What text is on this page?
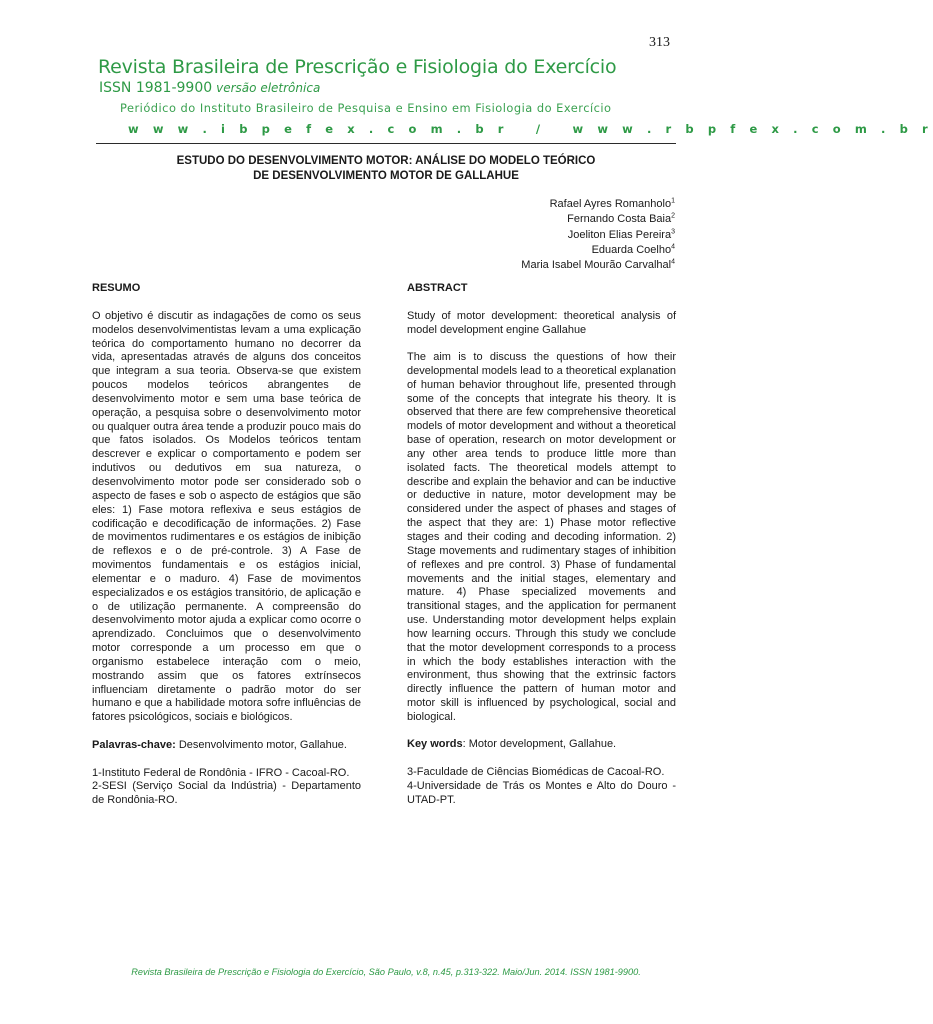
313
Revista Brasileira de Prescrição e Fisiologia do Exercício
ISSN 1981-9900 versão eletrônica
Periódico do Instituto Brasileiro de Pesquisa e Ensino em Fisiologia do Exercício
w w w . i b p e f e x . c o m . b r   /   w w w . r b p f e x . c o m . b r
ESTUDO DO DESENVOLVIMENTO MOTOR: ANÁLISE DO MODELO TEÓRICO
DE DESENVOLVIMENTO MOTOR DE GALLAHUE
Rafael Ayres Romanholo$^1$
Fernando Costa Baia$^2$
Joeliton Elias Pereira$^3$
Eduarda Coelho$^4$
Maria Isabel Mourão Carvalhal$^4$
RESUMO

O objetivo é discutir as indagações de como os seus modelos desenvolvimentistas levam a uma explicação teórica do comportamento humano no decorrer da vida, apresentadas através de alguns dos conceitos que integram a sua teoria. Observa-se que existem poucos modelos teóricos abrangentes de desenvolvimento motor e sem uma base teórica de operação, a pesquisa sobre o desenvolvimento motor ou qualquer outra área tende a produzir pouco mais do que fatos isolados. Os Modelos teóricos tentam descrever e explicar o comportamento e podem ser indutivos ou dedutivos em sua natureza, o desenvolvimento motor pode ser considerado sob o aspecto de fases e sob o aspecto de estágios que são eles: 1) Fase motora reflexiva e seus estágios de codificação e decodificação de informações. 2) Fase de movimentos rudimentares e os estágios de inibição de reflexos e o de pré-controle. 3) A Fase de movimentos fundamentais e os estágios inicial, elementar e o maduro. 4) Fase de movimentos especializados e os estágios transitório, de aplicação e o de utilização permanente. A compreensão do desenvolvimento motor ajuda a explicar como ocorre o aprendizado. Concluimos que o desenvolvimento motor corresponde a um processo em que o organismo estabelece interação com o meio, mostrando assim que os fatores extrínsecos influenciam diretamente o padrão motor do ser humano e que a habilidade motora sofre influências de fatores psicológicos, sociais e biológicos.

Palavras-chave: Desenvolvimento motor, Gallahue.

1-Instituto Federal de Rondônia - IFRO - Cacoal-RO.

2-SESI (Serviço Social da Indústria) - Departamento de Rondônia-RO.

ABSTRACT

Study of motor development: theoretical analysis of model development engine Gallahue

The aim is to discuss the questions of how their developmental models lead to a theoretical explanation of human behavior throughout life, presented through some of the concepts that integrate his theory. It is observed that there are few comprehensive theoretical models of motor development and without a theoretical base of operation, research on motor development or any other area tends to produce little more than isolated facts. The theoretical models attempt to describe and explain the behavior and can be inductive or deductive in nature, motor development may be considered under the aspect of phases and stages of the aspect that they are: 1) Phase motor reflective stages and their coding and decoding information. 2) Stage movements and rudimentary stages of inhibition of reflexes and pre control. 3) Phase of fundamental movements and the initial stages, elementary and mature. 4) Phase specialized movements and transitional stages, and the application for permanent use. Understanding motor development helps explain how learning occurs. Through this study we conclude that the motor development corresponds to a process in which the body establishes interaction with the environment, thus showing that the extrinsic factors directly influence the pattern of human motor and motor skill is influenced by psychological, social and biological.

Key words: Motor development, Gallahue.

3-Faculdade de Ciências Biomédicas de Cacoal-RO.

4-Universidade de Trás os Montes e Alto do Douro - UTAD-PT.

Revista Brasileira de Prescrição e Fisiologia do Exercício, São Paulo, v.8, n.45, p.313-322. Maio/Jun. 2014. ISSN 1981-9900.
